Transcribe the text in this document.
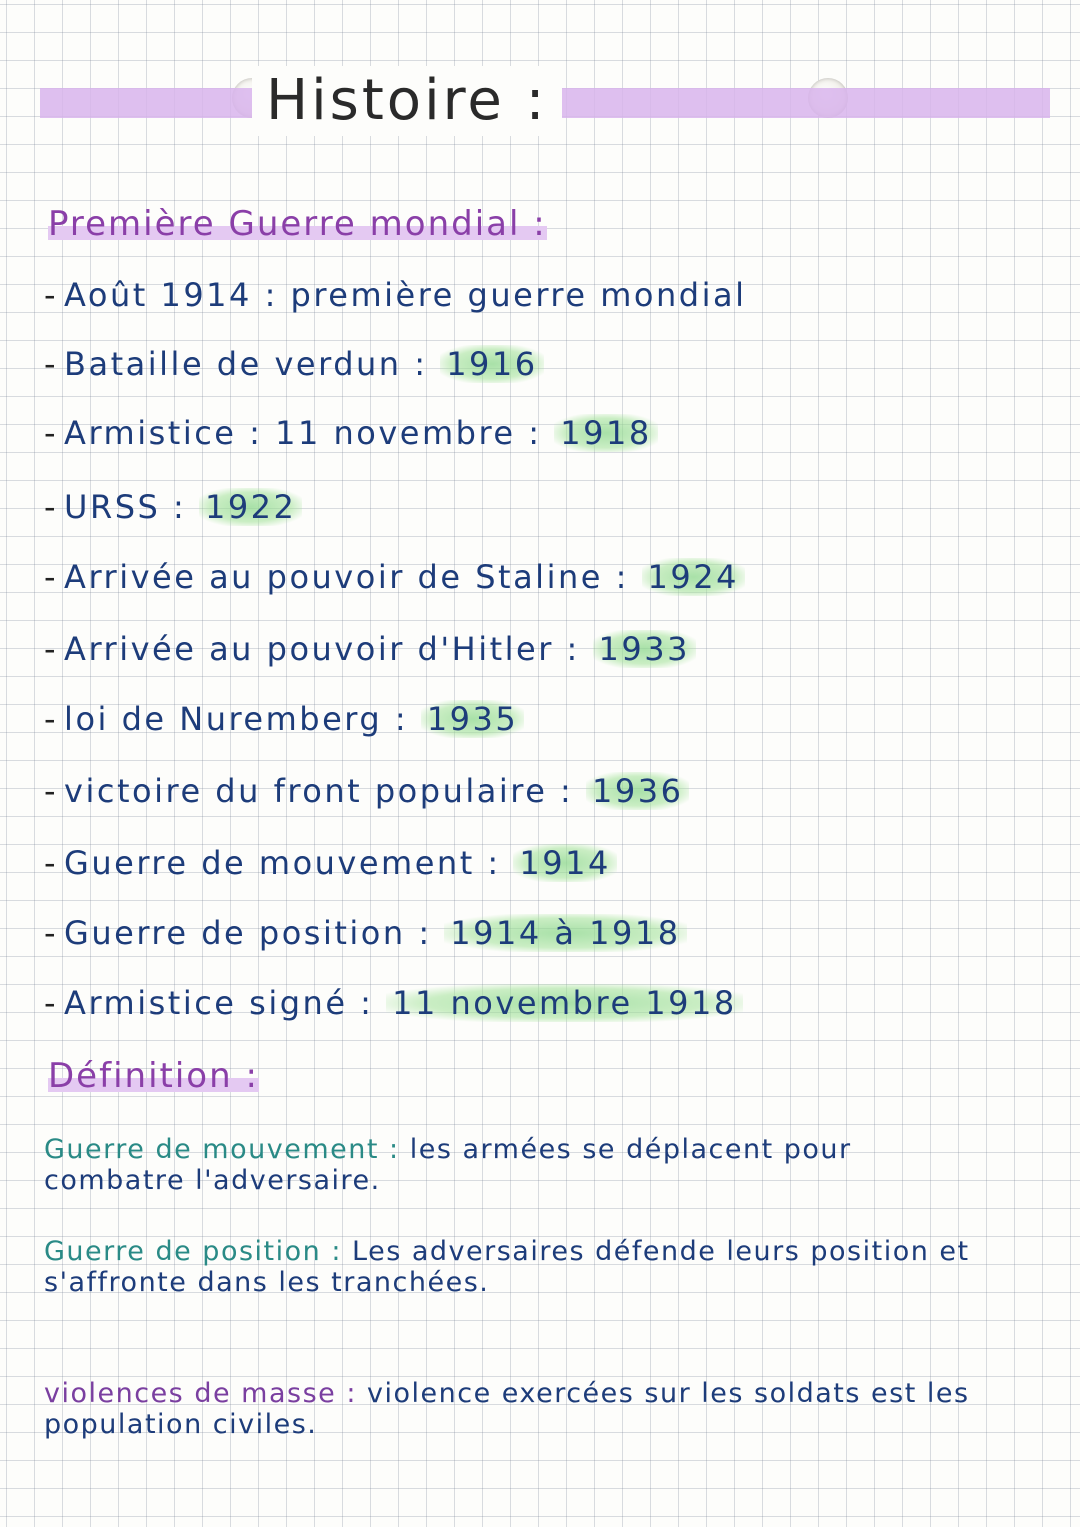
Histoire :
Première Guerre mondial :
- Août 1914 : première guerre mondial
- Bataille de verdun : 1916
- Armistice : 11 novembre : 1918
- URSS : 1922
- Arrivée au pouvoir de Staline : 1924
- Arrivée au pouvoir d'Hitler : 1933
- loi de Nuremberg : 1935
- victoire du front populaire : 1936
- Guerre de mouvement : 1914
- Guerre de position : 1914 à 1918
- Armistice signé : 11 novembre 1918
Définition :
Guerre de mouvement : les armées se déplacent pour combatre l'adversaire.
Guerre de position : Les adversaires défende leurs position et s'affronte dans les tranchées.
violences de masse : violence exercées sur les soldats est les population civiles.
